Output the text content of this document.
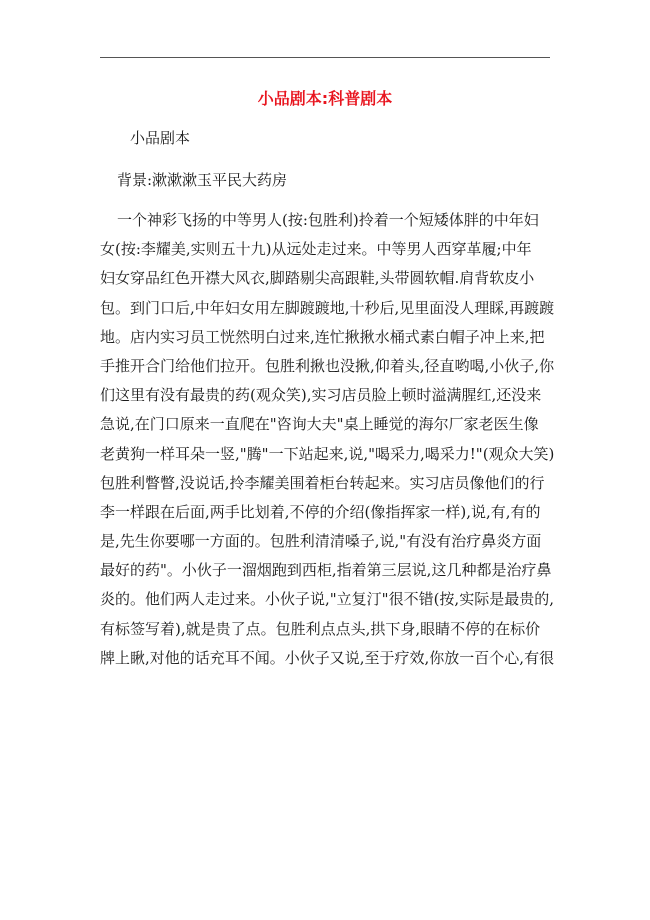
小品剧本:科普剧本
小品剧本
背景:漱漱漱玉平民大药房
一个神彩飞扬的中等男人(按:包胜利)拎着一个短矮体胖的中年妇
女(按:李耀美,实则五十九)从远处走过来。中等男人西穿革履;中年
妇女穿品红色开襟大风衣,脚踏剔尖高跟鞋,头带圆软帽.肩背软皮小
包。到门口后,中年妇女用左脚踱踱地,十秒后,见里面没人理睬,再踱踱
地。店内实习员工恍然明白过来,连忙揪揪水桶式素白帽子冲上来,把
手推开合门给他们拉开。包胜利揪也没揪,仰着头,径直哟喝,小伙子,你
们这里有没有最贵的药(观众笑),实习店员脸上顿时溢满腥红,还没来
急说,在门口原来一直爬在"咨询大夫"桌上睡觉的海尔厂家老医生像
老黄狗一样耳朵一竖,"腾"一下站起来,说,"喝采力,喝采力!"(观众大笑)
包胜利瞥瞥,没说话,拎李耀美围着柜台转起来。实习店员像他们的行
李一样跟在后面,两手比划着,不停的介绍(像指挥家一样),说,有,有的
是,先生你要哪一方面的。包胜利清清嗓子,说,"有没有治疗鼻炎方面
最好的药"。小伙子一溜烟跑到西柜,指着第三层说,这几种都是治疗鼻
炎的。他们两人走过来。小伙子说,"立复汀"很不错(按,实际是最贵的,
有标签写着),就是贵了点。包胜利点点头,拱下身,眼睛不停的在标价
牌上瞅,对他的话充耳不闻。小伙子又说,至于疗效,你放一百个心,有很
